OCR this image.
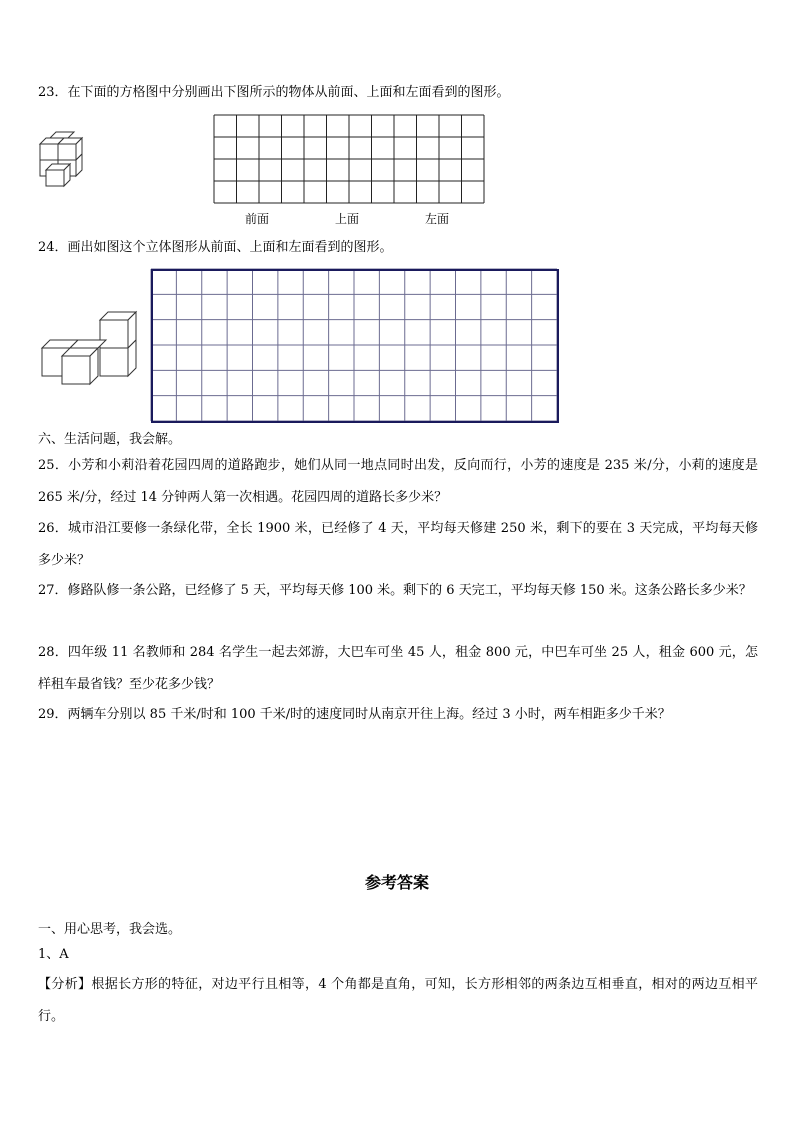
23．在下面的方格图中分别画出下图所示的物体从前面、上面和左面看到的图形。
前面	上面	左面
24．画出如图这个立体图形从前面、上面和左面看到的图形。
六、生活问题，我会解。
25．小芳和小莉沿着花园四周的道路跑步，她们从同一地点同时出发，反向而行，小芳的速度是 235 米/分，小莉的速度是 265 米/分，经过 14 分钟两人第一次相遇。花园四周的道路长多少米？
26．城市沿江要修一条绿化带，全长 1900 米，已经修了 4 天，平均每天修建 250 米，剩下的要在 3 天完成，平均每天修多少米？
27．修路队修一条公路，已经修了 5 天，平均每天修 100 米。剩下的 6 天完工，平均每天修 150 米。这条公路长多少米？
28．四年级 11 名教师和 284 名学生一起去郊游，大巴车可坐 45 人，租金 800 元，中巴车可坐 25 人，租金 600 元，怎样租车最省钱？至少花多少钱？
29．两辆车分别以 85 千米/时和 100 千米/时的速度同时从南京开往上海。经过 3 小时，两车相距多少千米？
参考答案
一、用心思考，我会选。
1、A
【分析】根据长方形的特征，对边平行且相等，4 个角都是直角，可知，长方形相邻的两条边互相垂直，相对的两边互相平行。
